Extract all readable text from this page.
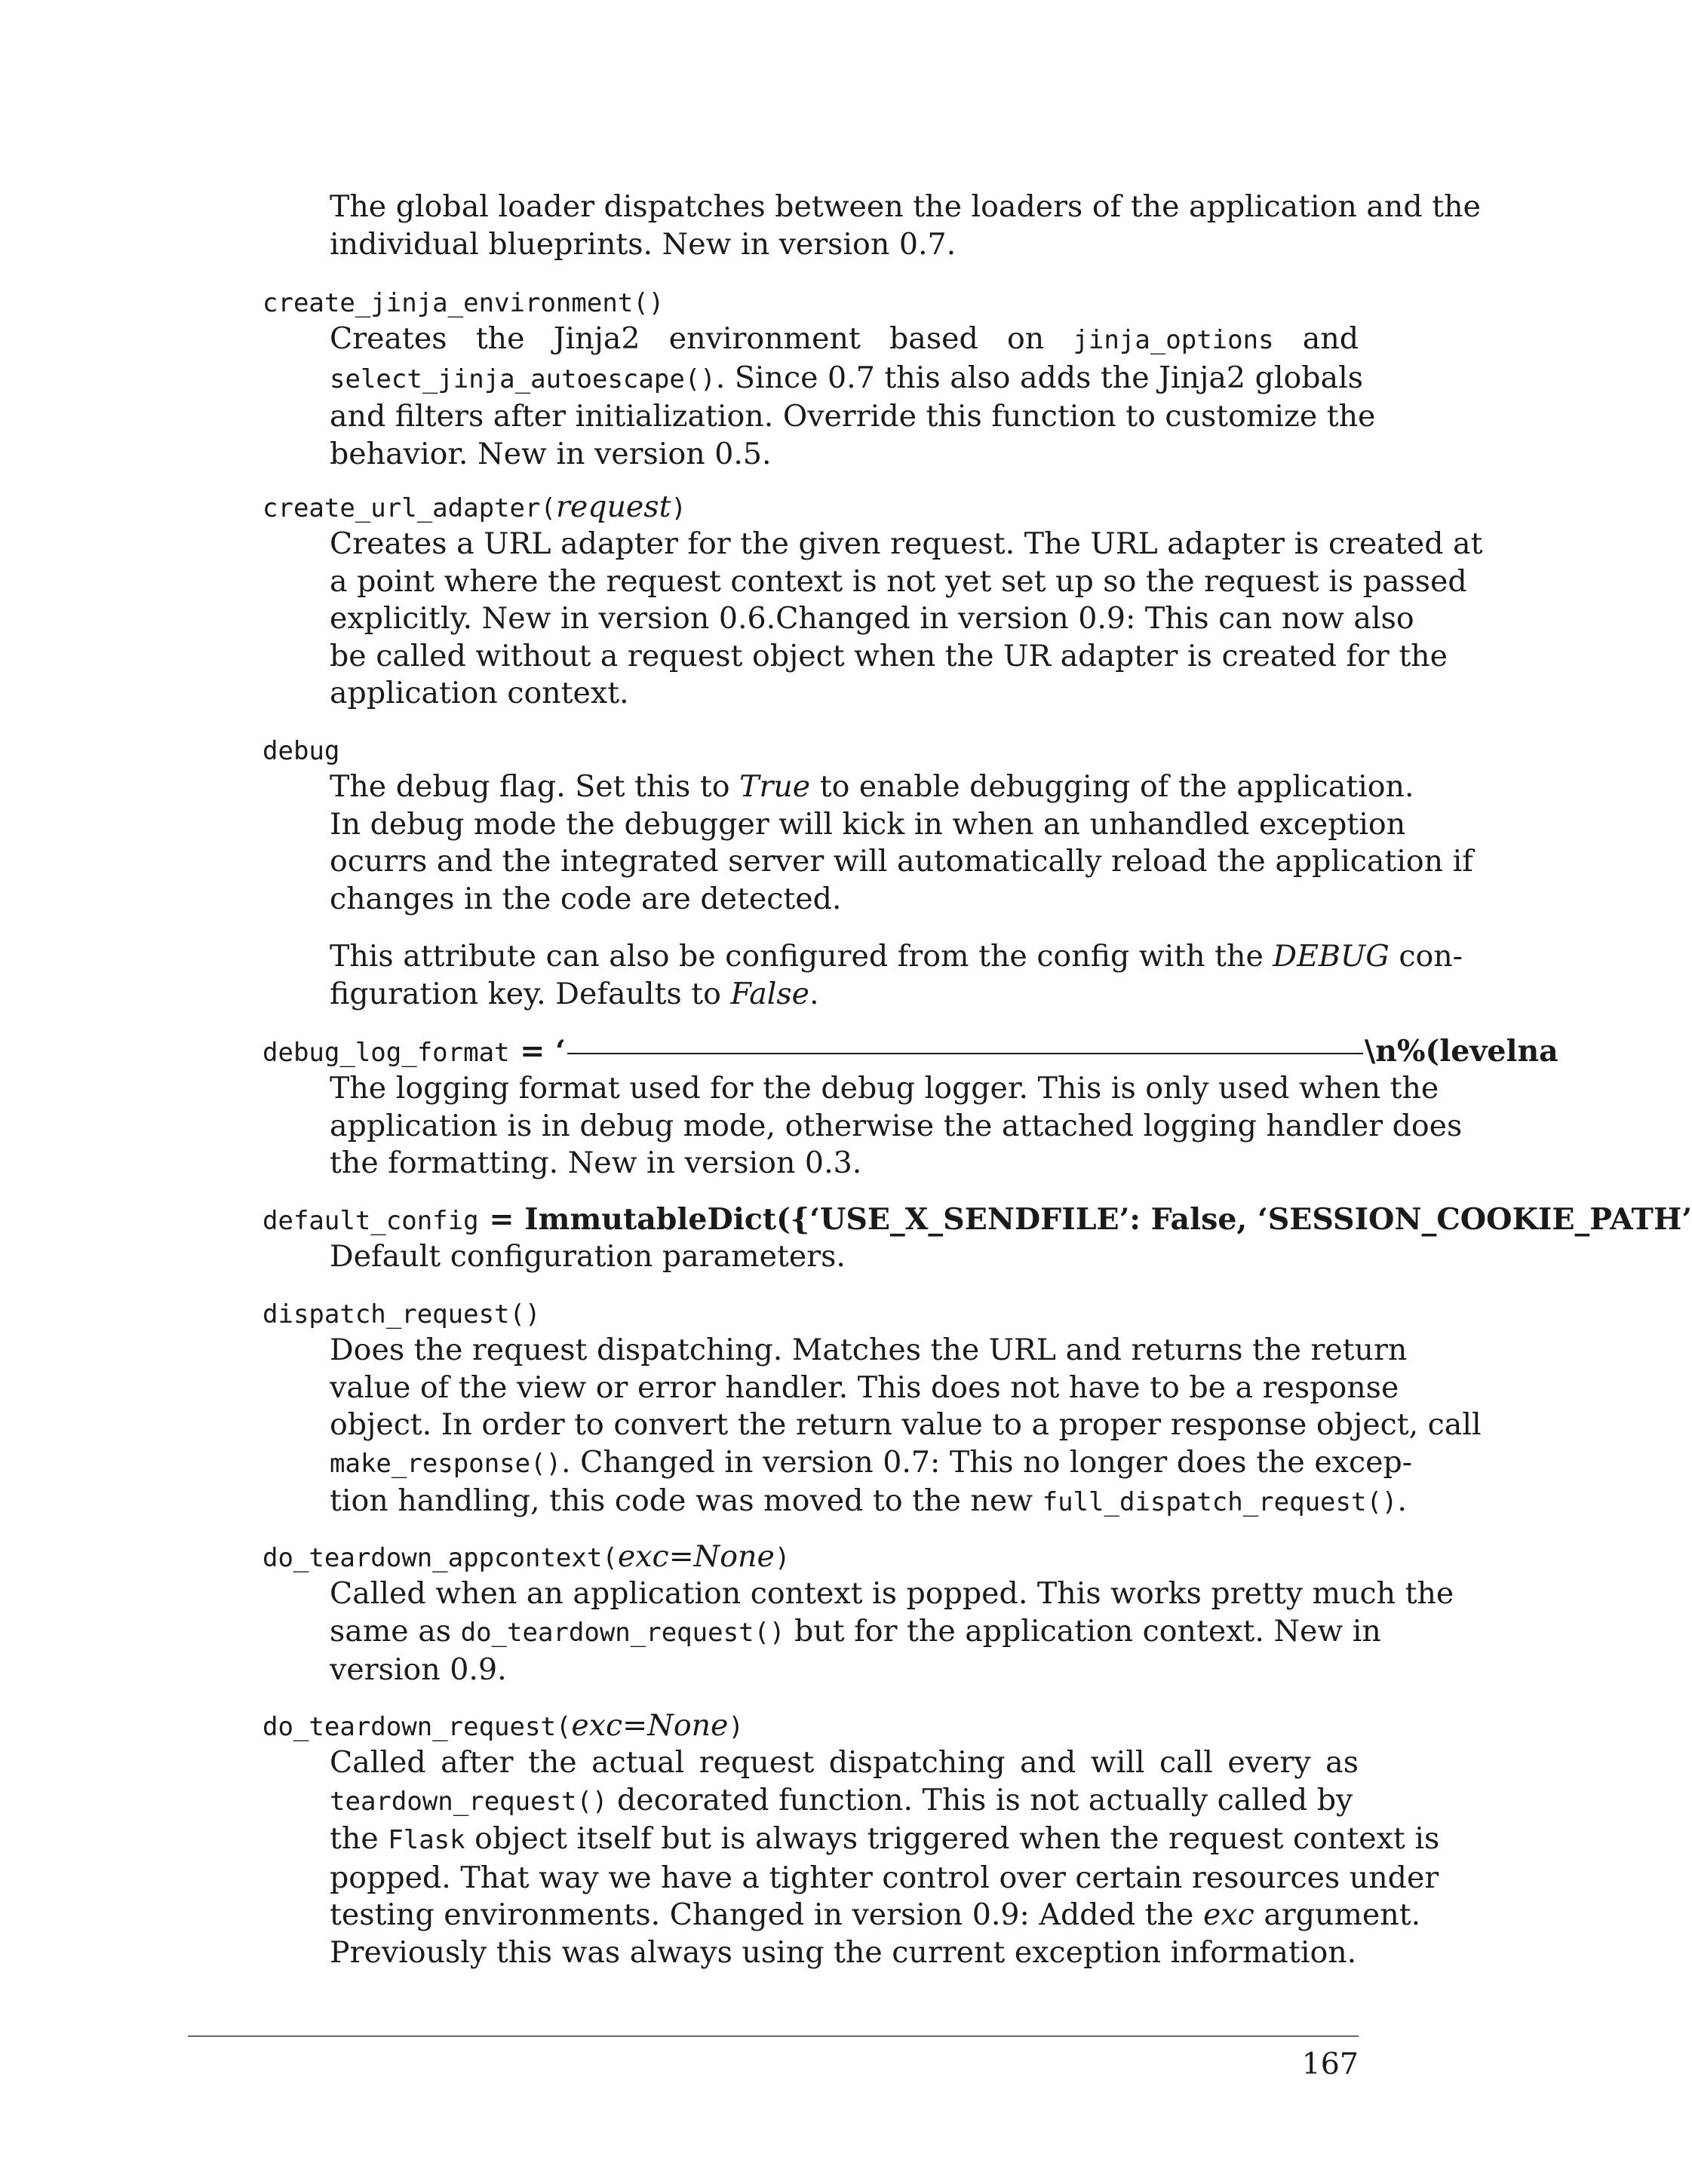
The global loader dispatches between the loaders of the application and the
individual blueprints. New in version 0.7.
create_jinja_environment()
Creates the Jinja2 environment based on jinja_options and
select_jinja_autoescape(). Since 0.7 this also adds the Jinja2 globals
and filters after initialization. Override this function to customize the
behavior. New in version 0.5.
create_url_adapter(request)
Creates a URL adapter for the given request. The URL adapter is created at
a point where the request context is not yet set up so the request is passed
explicitly. New in version 0.6.Changed in version 0.9: This can now also
be called without a request object when the UR adapter is created for the
application context.
debug
The debug flag. Set this to True to enable debugging of the application.
In debug mode the debugger will kick in when an unhandled exception
ocurrs and the integrated server will automatically reload the application if
changes in the code are detected.
This attribute can also be configured from the config with the DEBUG con-
figuration key. Defaults to False.
debug_log_format = ‘	\n%(levelna
The logging format used for the debug logger. This is only used when the
application is in debug mode, otherwise the attached logging handler does
the formatting. New in version 0.3.
default_config = ImmutableDict({‘USE_X_SENDFILE’: False, ‘SESSION_COOKIE_PATH’
Default configuration parameters.
dispatch_request()
Does the request dispatching. Matches the URL and returns the return
value of the view or error handler. This does not have to be a response
object. In order to convert the return value to a proper response object, call
make_response(). Changed in version 0.7: This no longer does the excep-
tion handling, this code was moved to the new full_dispatch_request().
do_teardown_appcontext(exc=None)
Called when an application context is popped. This works pretty much the
same as do_teardown_request() but for the application context. New in
version 0.9.
do_teardown_request(exc=None)
Called after the actual request dispatching and will call every as
teardown_request() decorated function. This is not actually called by
the Flask object itself but is always triggered when the request context is
popped. That way we have a tighter control over certain resources under
testing environments. Changed in version 0.9: Added the exc argument.
Previously this was always using the current exception information.
167
